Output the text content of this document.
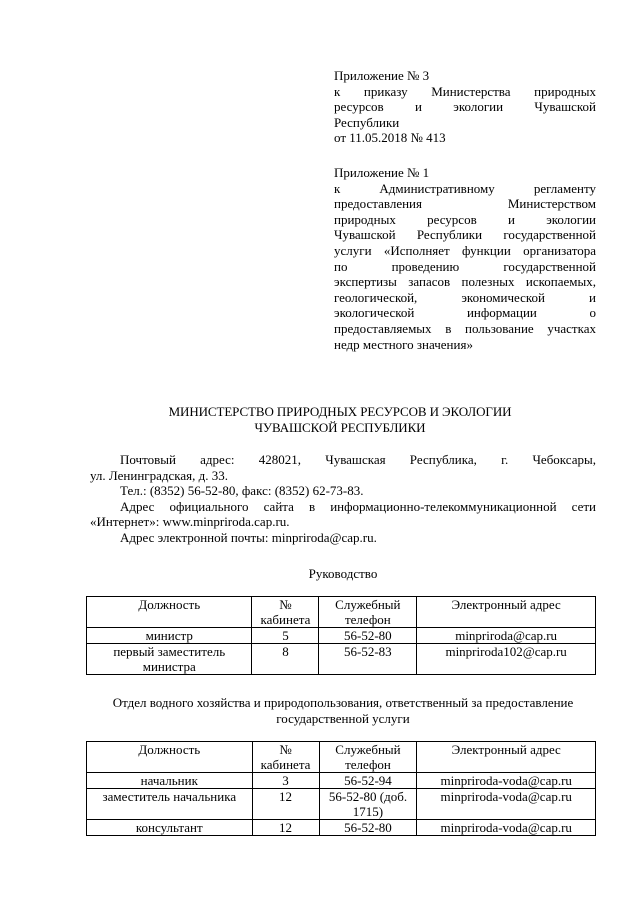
Приложение № 3

к приказу Министерства природных

ресурсов и экологии Чувашской

Республики

от 11.05.2018 № 413

Приложение № 1

к Административному регламенту

предоставления Министерством

природных ресурсов и экологии

Чувашской Республики государственной

услуги «Исполняет функции организатора

по проведению государственной

экспертизы запасов полезных ископаемых,

геологической, экономической и

экологической информации о

предоставляемых в пользование участках

недр местного значения»

МИНИСТЕРСТВО ПРИРОДНЫХ РЕСУРСОВ И ЭКОЛОГИИ
ЧУВАШСКОЙ РЕСПУБЛИКИ

Почтовый адрес: 428021, Чувашская Республика, г. Чебоксары,

ул. Ленинградская, д. 33.

Тел.: (8352) 56-52-80, факс: (8352) 62-73-83.

Адрес официального сайта в информационно-телекоммуникационной сети

«Интернет»: www.minpriroda.cap.ru.

Адрес электронной почты: minpriroda@cap.ru.

Руководство
Должность	№ кабинета	Служебный телефон	Электронный адрес
министр	5	56-52-80	minpriroda@cap.ru
первый заместитель министра	8	56-52-83	minpriroda102@cap.ru
Отдел водного хозяйства и природопользования, ответственный за предоставление
государственной услуги
Должность	№ кабинета	Служебный телефон	Электронный адрес
начальник	3	56-52-94	minpriroda-voda@cap.ru
заместитель начальника	12	56-52-80 (доб. 1715)	minpriroda-voda@cap.ru
консультант	12	56-52-80	minpriroda-voda@cap.ru
